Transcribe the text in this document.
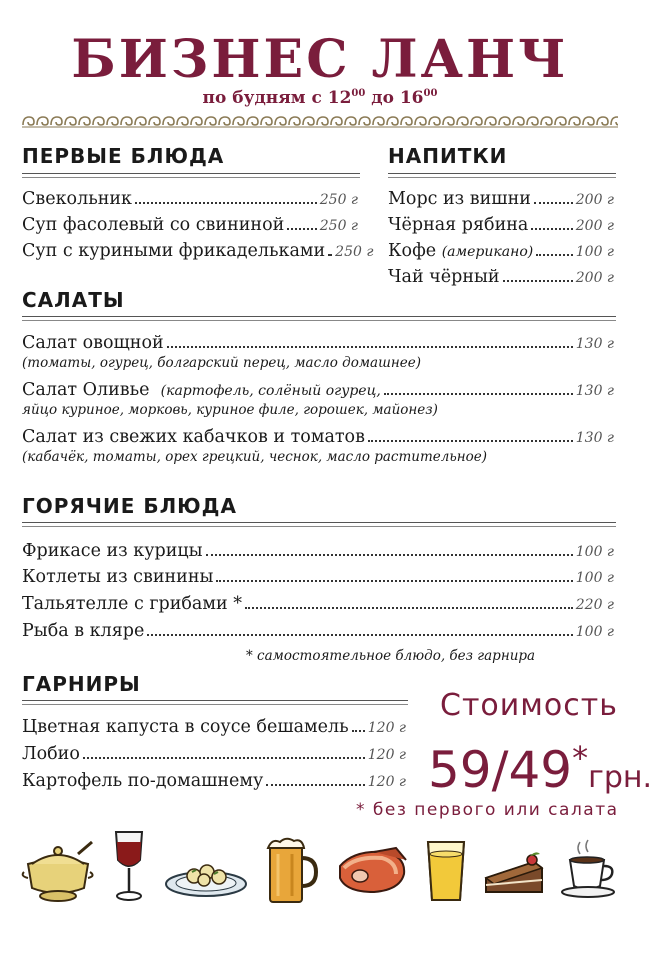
БИЗНЕС ЛАНЧ
по будням с $12^{00}$ до $16^{00}$
ПЕРВЫЕ БЛЮДА
Свекольник	250 г
Суп фасолевый со свининой	250 г
Суп с куриными фрикадельками 250 г
НАПИТКИ
Морс из вишни	200 г
Чёрная рябина	200 г
Кофе (американо)	100 г
Чай чёрный	200 г
САЛАТЫ
Салат овощной	130 г
(томаты, огурец, болгарский перец, масло домашнее)
Салат Оливье (картофель, солёный огурец,	130 г
яйцо куриное, морковь, куриное филе, горошек, майонез)
Салат из свежих кабачков и томатов	130 г
(кабачёк, томаты, орех грецкий, чеснок, масло растительное)
ГОРЯЧИЕ БЛЮДА
Фрикасе из курицы	100 г
Котлеты из свинины	100 г
Тальятелле с грибами *	220 г
Рыба в кляре	100 г
* самостоятельное блюдо, без гарнира
ГАРНИРЫ
Цветная капуста в соусе бешамель 120 г
Лобио	120 г
Картофель по-домашнему	120 г
Стоимость
59/49*грн.
* без первого или салата
